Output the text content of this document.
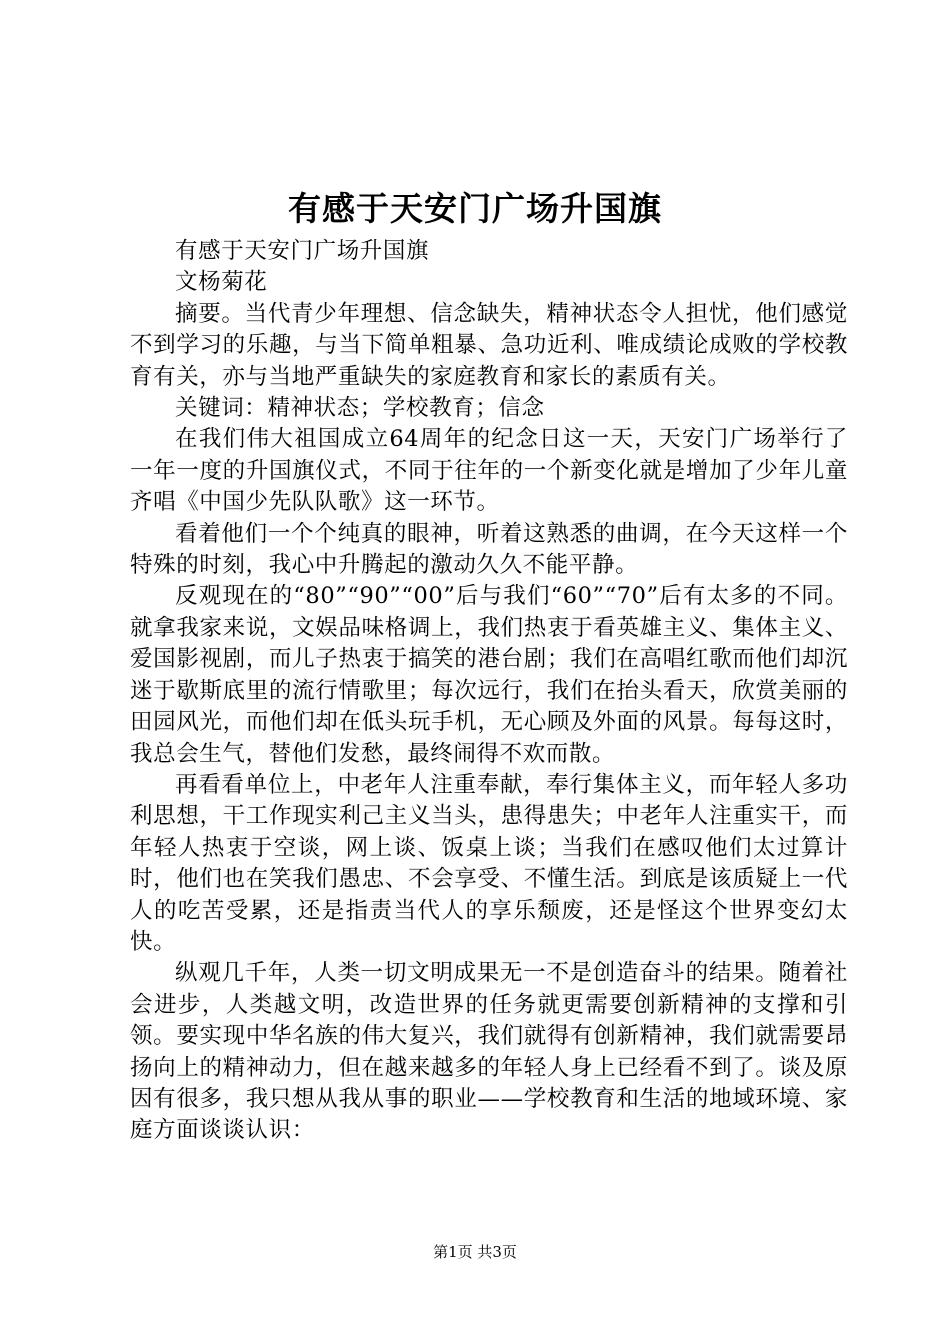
有感于天安门广场升国旗

有感于天安门广场升国旗

文杨菊花

摘要。当代青少年理想、信念缺失，精神状态令人担忧，他们感觉不到学习的乐趣，与当下简单粗暴、急功近利、唯成绩论成败的学校教育有关，亦与当地严重缺失的家庭教育和家长的素质有关。

关键词：精神状态；学校教育；信念

在我们伟大祖国成立64周年的纪念日这一天，天安门广场举行了一年一度的升国旗仪式，不同于往年的一个新变化就是增加了少年儿童齐唱《中国少先队队歌》这一环节。

看着他们一个个纯真的眼神，听着这熟悉的曲调，在今天这样一个特殊的时刻，我心中升腾起的激动久久不能平静。

反观现在的“80”“90”“00”后与我们“60”“70”后有太多的不同。就拿我家来说，文娱品味格调上，我们热衷于看英雄主义、集体主义、爱国影视剧，而儿子热衷于搞笑的港台剧；我们在高唱红歌而他们却沉迷于歇斯底里的流行情歌里；每次远行，我们在抬头看天，欣赏美丽的田园风光，而他们却在低头玩手机，无心顾及外面的风景。每每这时，我总会生气，替他们发愁，最终闹得不欢而散。

再看看单位上，中老年人注重奉献，奉行集体主义，而年轻人多功利思想，干工作现实利己主义当头，患得患失；中老年人注重实干，而年轻人热衷于空谈，网上谈、饭桌上谈；当我们在感叹他们太过算计时，他们也在笑我们愚忠、不会享受、不懂生活。到底是该质疑上一代人的吃苦受累，还是指责当代人的享乐颓废，还是怪这个世界变幻太快。

纵观几千年，人类一切文明成果无一不是创造奋斗的结果。随着社会进步，人类越文明，改造世界的任务就更需要创新精神的支撑和引领。要实现中华名族的伟大复兴，我们就得有创新精神，我们就需要昂扬向上的精神动力，但在越来越多的年轻人身上已经看不到了。谈及原因有很多，我只想从我从事的职业——学校教育和生活的地域环境、家庭方面谈谈认识：

第1页 共3页
